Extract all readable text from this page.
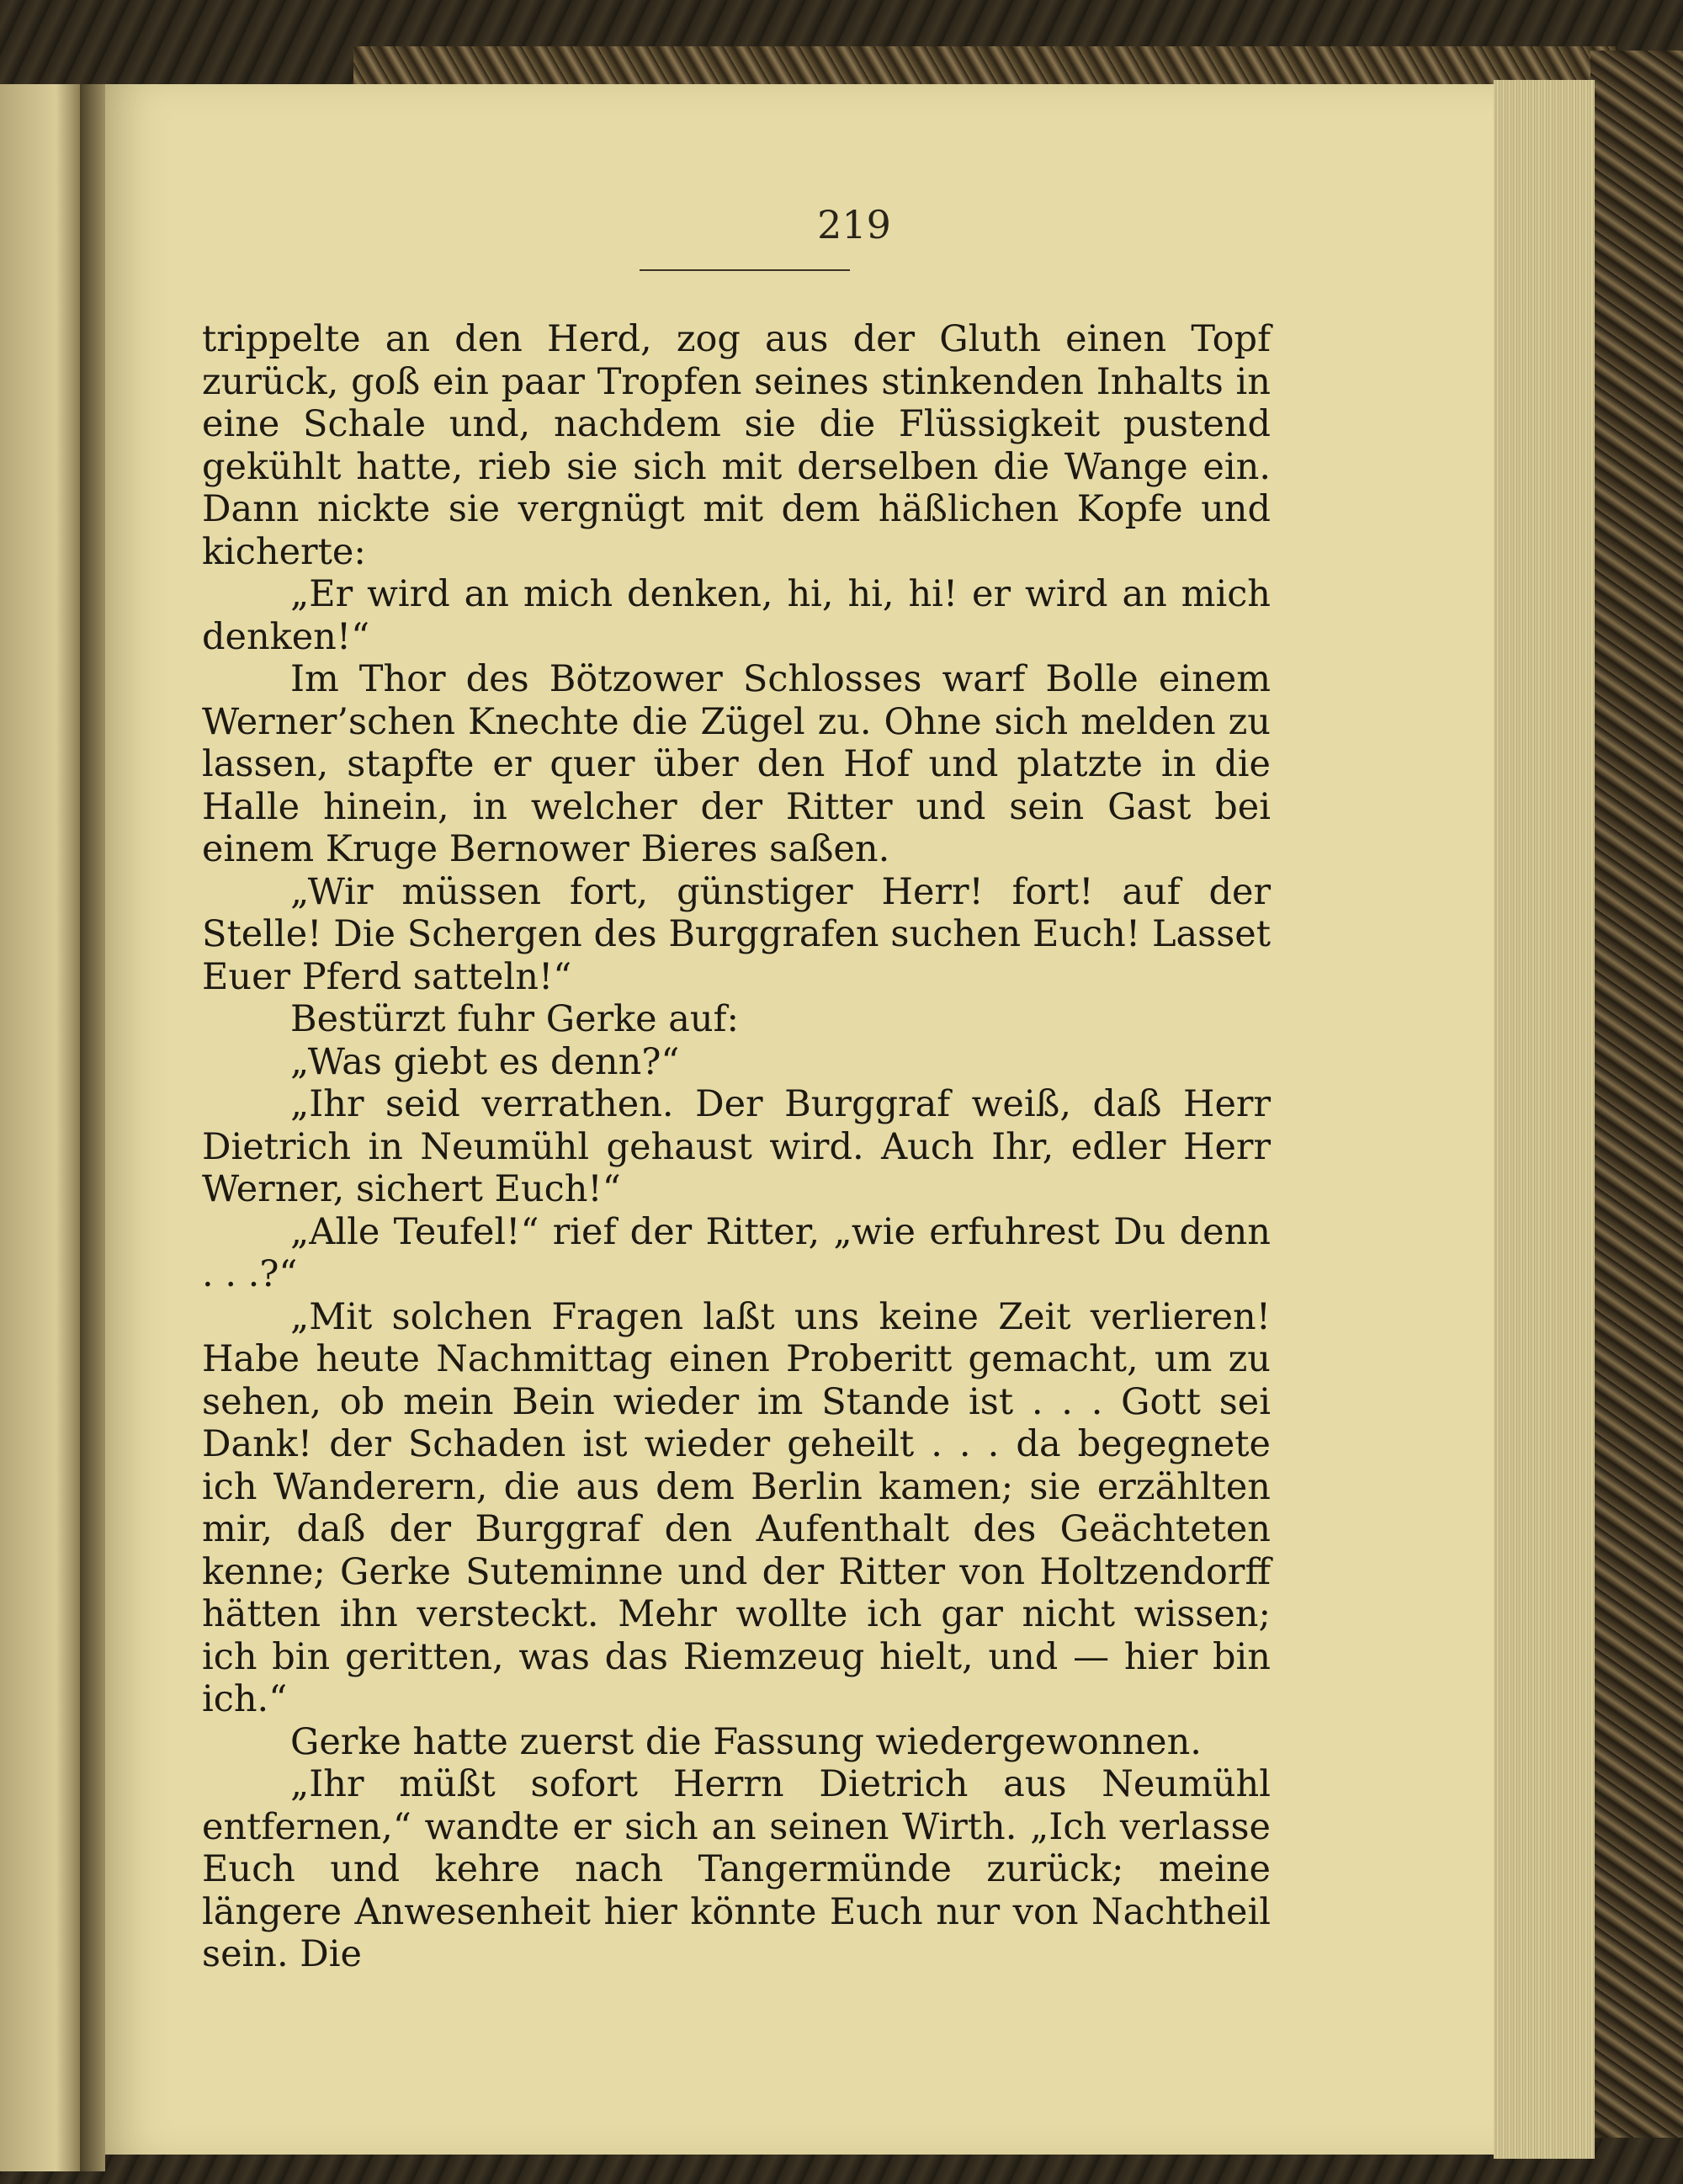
219

trippelte an den Herd, zog aus der Gluth einen Topf zurück, goß ein paar Tropfen seines stinkenden Inhalts in eine Schale und, nachdem sie die Flüssigkeit pustend gekühlt hatte, rieb sie sich mit derselben die Wange ein. Dann nickte sie vergnügt mit dem häßlichen Kopfe und kicherte:

„Er wird an mich denken, hi, hi, hi! er wird an mich denken!“

Im Thor des Bötzower Schlosses warf Bolle einem Werner’schen Knechte die Zügel zu. Ohne sich melden zu lassen, stapfte er quer über den Hof und platzte in die Halle hinein, in welcher der Ritter und sein Gast bei einem Kruge Bernower Bieres saßen.

„Wir müssen fort, günstiger Herr! fort! auf der Stelle! Die Schergen des Burggrafen suchen Euch! Lasset Euer Pferd satteln!“

Bestürzt fuhr Gerke auf:

„Was giebt es denn?“

„Ihr seid verrathen. Der Burggraf weiß, daß Herr Dietrich in Neumühl gehaust wird. Auch Ihr, edler Herr Werner, sichert Euch!“

„Alle Teufel!“ rief der Ritter, „wie erfuhrest Du denn . . .?“

„Mit solchen Fragen laßt uns keine Zeit verlieren! Habe heute Nachmittag einen Proberitt gemacht, um zu sehen, ob mein Bein wieder im Stande ist . . . Gott sei Dank! der Schaden ist wieder geheilt . . . da begegnete ich Wanderern, die aus dem Berlin kamen; sie erzählten mir, daß der Burggraf den Aufenthalt des Geächteten kenne; Gerke Suteminne und der Ritter von Holtzendorff hätten ihn versteckt. Mehr wollte ich gar nicht wissen; ich bin geritten, was das Riemzeug hielt, und — hier bin ich.“

Gerke hatte zuerst die Fassung wiedergewonnen.

„Ihr müßt sofort Herrn Dietrich aus Neumühl entfernen,“ wandte er sich an seinen Wirth. „Ich verlasse Euch und kehre nach Tangermünde zurück; meine längere Anwesenheit hier könnte Euch nur von Nachtheil sein. Die
